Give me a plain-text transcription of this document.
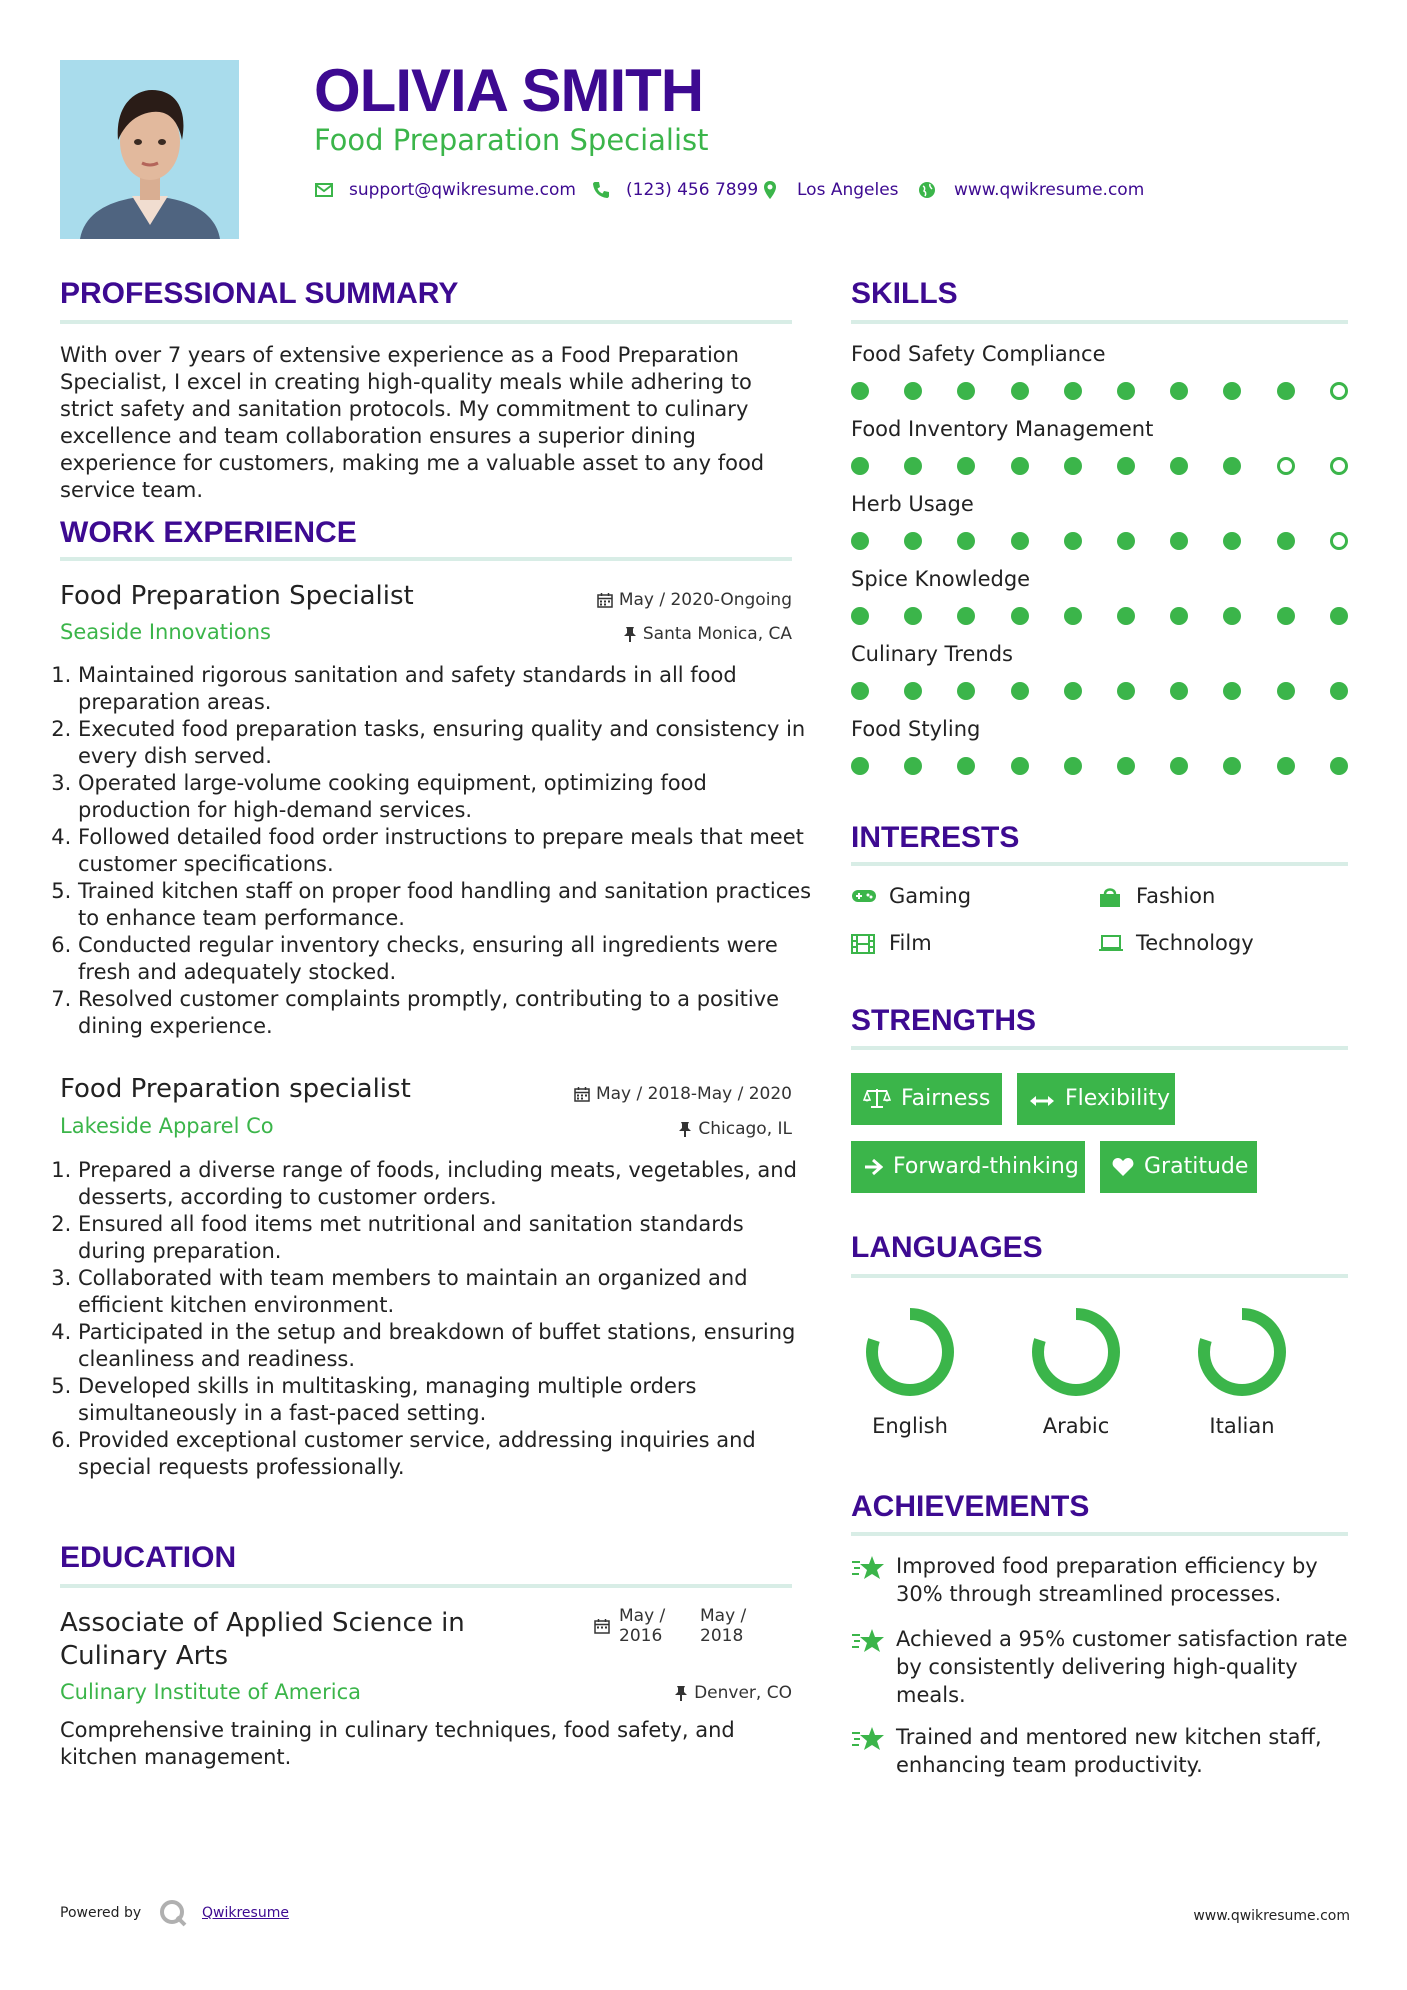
OLIVIA SMITH
Food Preparation Specialist
support@qwikresume.com	(123) 456 7899 Los Angeles	www.qwikresume.com
PROFESSIONAL SUMMARY
With over 7 years of extensive experience as a Food Preparation Specialist, I excel in creating high-quality meals while adhering to strict safety and sanitation protocols. My commitment to culinary excellence and team collaboration ensures a superior dining experience for customers, making me a valuable asset to any food service team.
WORK EXPERIENCE
Food Preparation Specialist	May / 2020-Ongoing
Seaside Innovations	Santa Monica, CA
1. Maintained rigorous sanitation and safety standards in all food preparation areas.
2. Executed food preparation tasks, ensuring quality and consistency in every dish served.
3. Operated large-volume cooking equipment, optimizing food production for high-demand services.
4. Followed detailed food order instructions to prepare meals that meet customer specifications.
5. Trained kitchen staff on proper food handling and sanitation practices to enhance team performance.
6. Conducted regular inventory checks, ensuring all ingredients were fresh and adequately stocked.
7. Resolved customer complaints promptly, contributing to a positive dining experience.
Food Preparation specialist	May / 2018-May / 2020
Lakeside Apparel Co	Chicago, IL
1. Prepared a diverse range of foods, including meats, vegetables, and desserts, according to customer orders.
2. Ensured all food items met nutritional and sanitation standards during preparation.
3. Collaborated with team members to maintain an organized and efficient kitchen environment.
4. Participated in the setup and breakdown of buffet stations, ensuring cleanliness and readiness.
5. Developed skills in multitasking, managing multiple orders simultaneously in a fast-paced setting.
6. Provided exceptional customer service, addressing inquiries and special requests professionally.
EDUCATION
Associate of Applied Science in Culinary Arts
May / 2016
May / 2018
Culinary Institute of America	Denver, CO
Comprehensive training in culinary techniques, food safety, and kitchen management.
SKILLS
Food Safety Compliance
Food Inventory Management
Herb Usage
Spice Knowledge
Culinary Trends
Food Styling
INTERESTS
Gaming	Fashion
Film	Technology
STRENGTHS
Fairness	Flexibility
Forward-thinking	Gratitude
LANGUAGES
English	Arabic	Italian
ACHIEVEMENTS
Improved food preparation efficiency by 30% through streamlined processes.
Achieved a 95% customer satisfaction rate by consistently delivering high-quality meals.
Trained and mentored new kitchen staff, enhancing team productivity.
Powered by	Qwikresume	www.qwikresume.com
